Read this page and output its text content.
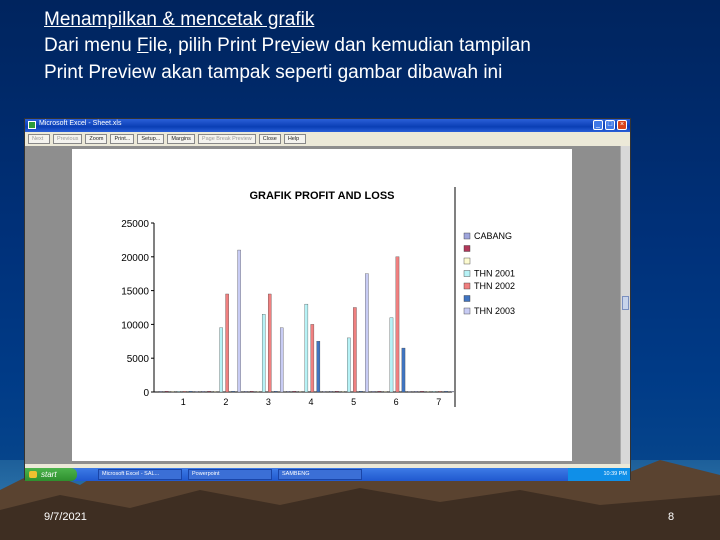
Menampilkan & mencetak grafik
Dari menu File, pilih Print Preview dan kemudian tampilan
Print Preview akan tampak seperti gambar dibawah ini
Microsoft Excel - Sheet.xls	_	□	×
Next	Previous	Zoom	Print...	Setup...	Margins	Page Break Preview	Close	Help
GRAFIK PROFIT AND LOSS
25000
20000
15000
10000
5000
0
1	2	3	4	5	6	7
CABANG
THN 2001
THN 2002
THN 2003
start	Microsoft Excel - SAL...	Powerpoint	SAMBENG	10:39 PM
9/7/2021	8
